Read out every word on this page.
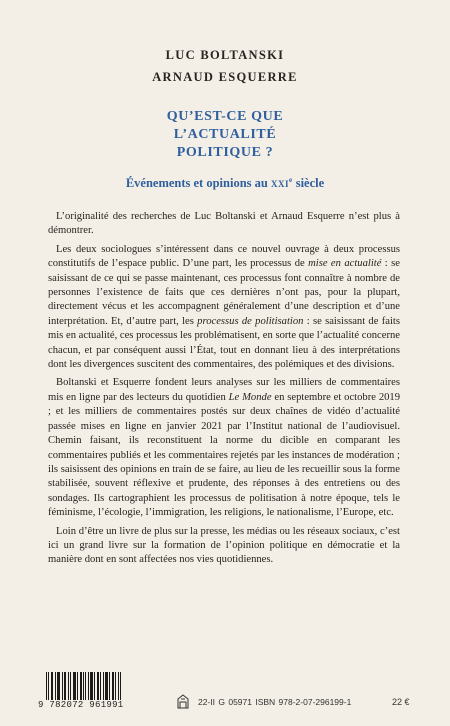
LUC BOLTANSKI
ARNAUD ESQUERRE
QU’EST-CE QUE
L’ACTUALITÉ
POLITIQUE ?
Événements et opinions au XXIe siècle

L’originalité des recherches de Luc Boltanski et Arnaud Esquerre n’est plus à démontrer.

Les deux sociologues s’intéressent dans ce nouvel ouvrage à deux processus constitutifs de l’espace public. D’une part, les processus de mise en actualité : se saisissant de ce qui se passe maintenant, ces processus font connaître à nombre de personnes l’existence de faits que ces dernières n’ont pas, pour la plupart, directement vécus et les accompagnent généralement d’une description et d’une interprétation. Et, d’autre part, les processus de politisation : se saisissant de faits mis en actualité, ces processus les problématisent, en sorte que l’actualité concerne chacun, et par conséquent aussi l’État, tout en donnant lieu à des interprétations dont les divergences suscitent des commentaires, des polémiques et des divisions.

Boltanski et Esquerre fondent leurs analyses sur les milliers de commentaires mis en ligne par des lecteurs du quotidien Le Monde en septembre et octobre 2019 ; et les milliers de commentaires postés sur deux chaînes de vidéo d’actualité passée mises en ligne en janvier 2021 par l’Institut national de l’audiovisuel. Chemin faisant, ils reconstituent la norme du dicible en comparant les commentaires publiés et les commentaires rejetés par les instances de modération ; ils saisissent des opinions en train de se faire, au lieu de les recueillir sous la forme stabilisée, souvent réflexive et prudente, des réponses à des entretiens ou des sondages. Ils cartographient les processus de politisation à notre époque, tels le féminisme, l’écologie, l’immigration, les religions, le nationalisme, l’Europe, etc.

Loin d’être un livre de plus sur la presse, les médias ou les réseaux sociaux, c’est ici un grand livre sur la formation de l’opinion politique en démocratie et la manière dont en sont affectées nos vies quotidiennes.

9 782072 961991	22-II G 05971 ISBN 978-2-07-296199-1	22 €
